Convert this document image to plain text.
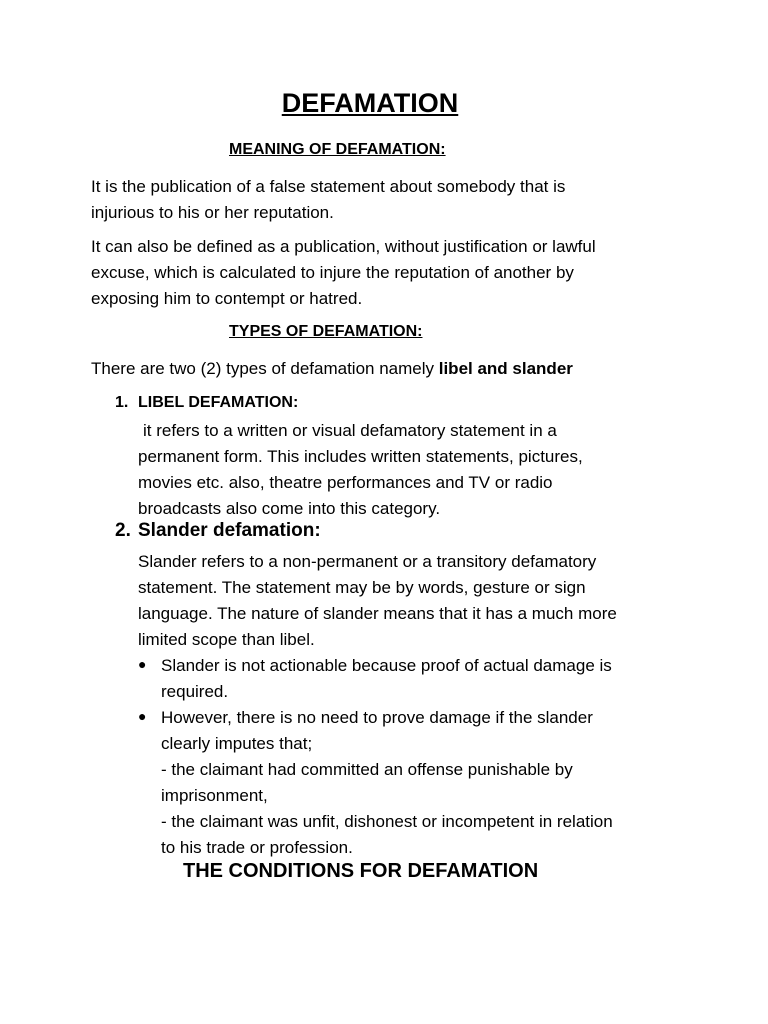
DEFAMATION
MEANING OF DEFAMATION:
It is the publication of a false statement about somebody that is
injurious to his or her reputation.
It can also be defined as a publication, without justification or lawful
excuse, which is calculated to injure the reputation of another by
exposing him to contempt or hatred.
TYPES OF DEFAMATION:
There are two (2) types of defamation namely libel and slander
1. LIBEL DEFAMATION:
it refers to a written or visual defamatory statement in a
permanent form. This includes written statements, pictures,
movies etc. also, theatre performances and TV or radio
broadcasts also come into this category.
2. Slander defamation:
Slander refers to a non-permanent or a transitory defamatory
statement. The statement may be by words, gesture or sign
language. The nature of slander means that it has a much more
limited scope than libel.
● Slander is not actionable because proof of actual damage is
required.
● However, there is no need to prove damage if the slander
clearly imputes that;
- the claimant had committed an offense punishable by
imprisonment,
- the claimant was unfit, dishonest or incompetent in relation
to his trade or profession.
THE CONDITIONS FOR DEFAMATION
